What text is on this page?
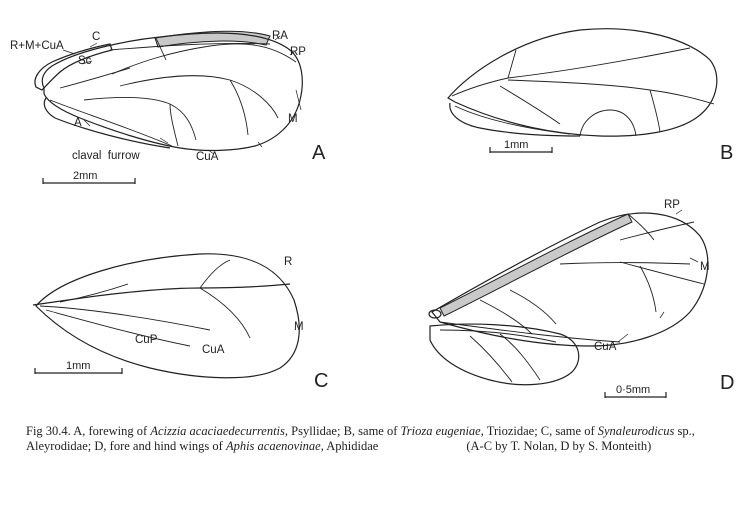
R+M+CuA
C
Sc
RA
RP
M
A
claval  furrow	CuA	A
2mm
1mm	B
1mm
R
M
CuP
CuA
C
RP
M
CuA
0·5mm	D
Fig 30.4. A, forewing of Acizzia acaciaedecurrentis, Psyllidae; B, same of Trioza eugeniae, Triozidae; C, same of Synaleurodicus sp.,
Aleyrodidae; D, fore and hind wings of Aphis acaenovinae, Aphididae	(A-C by T. Nolan, D by S. Monteith)
